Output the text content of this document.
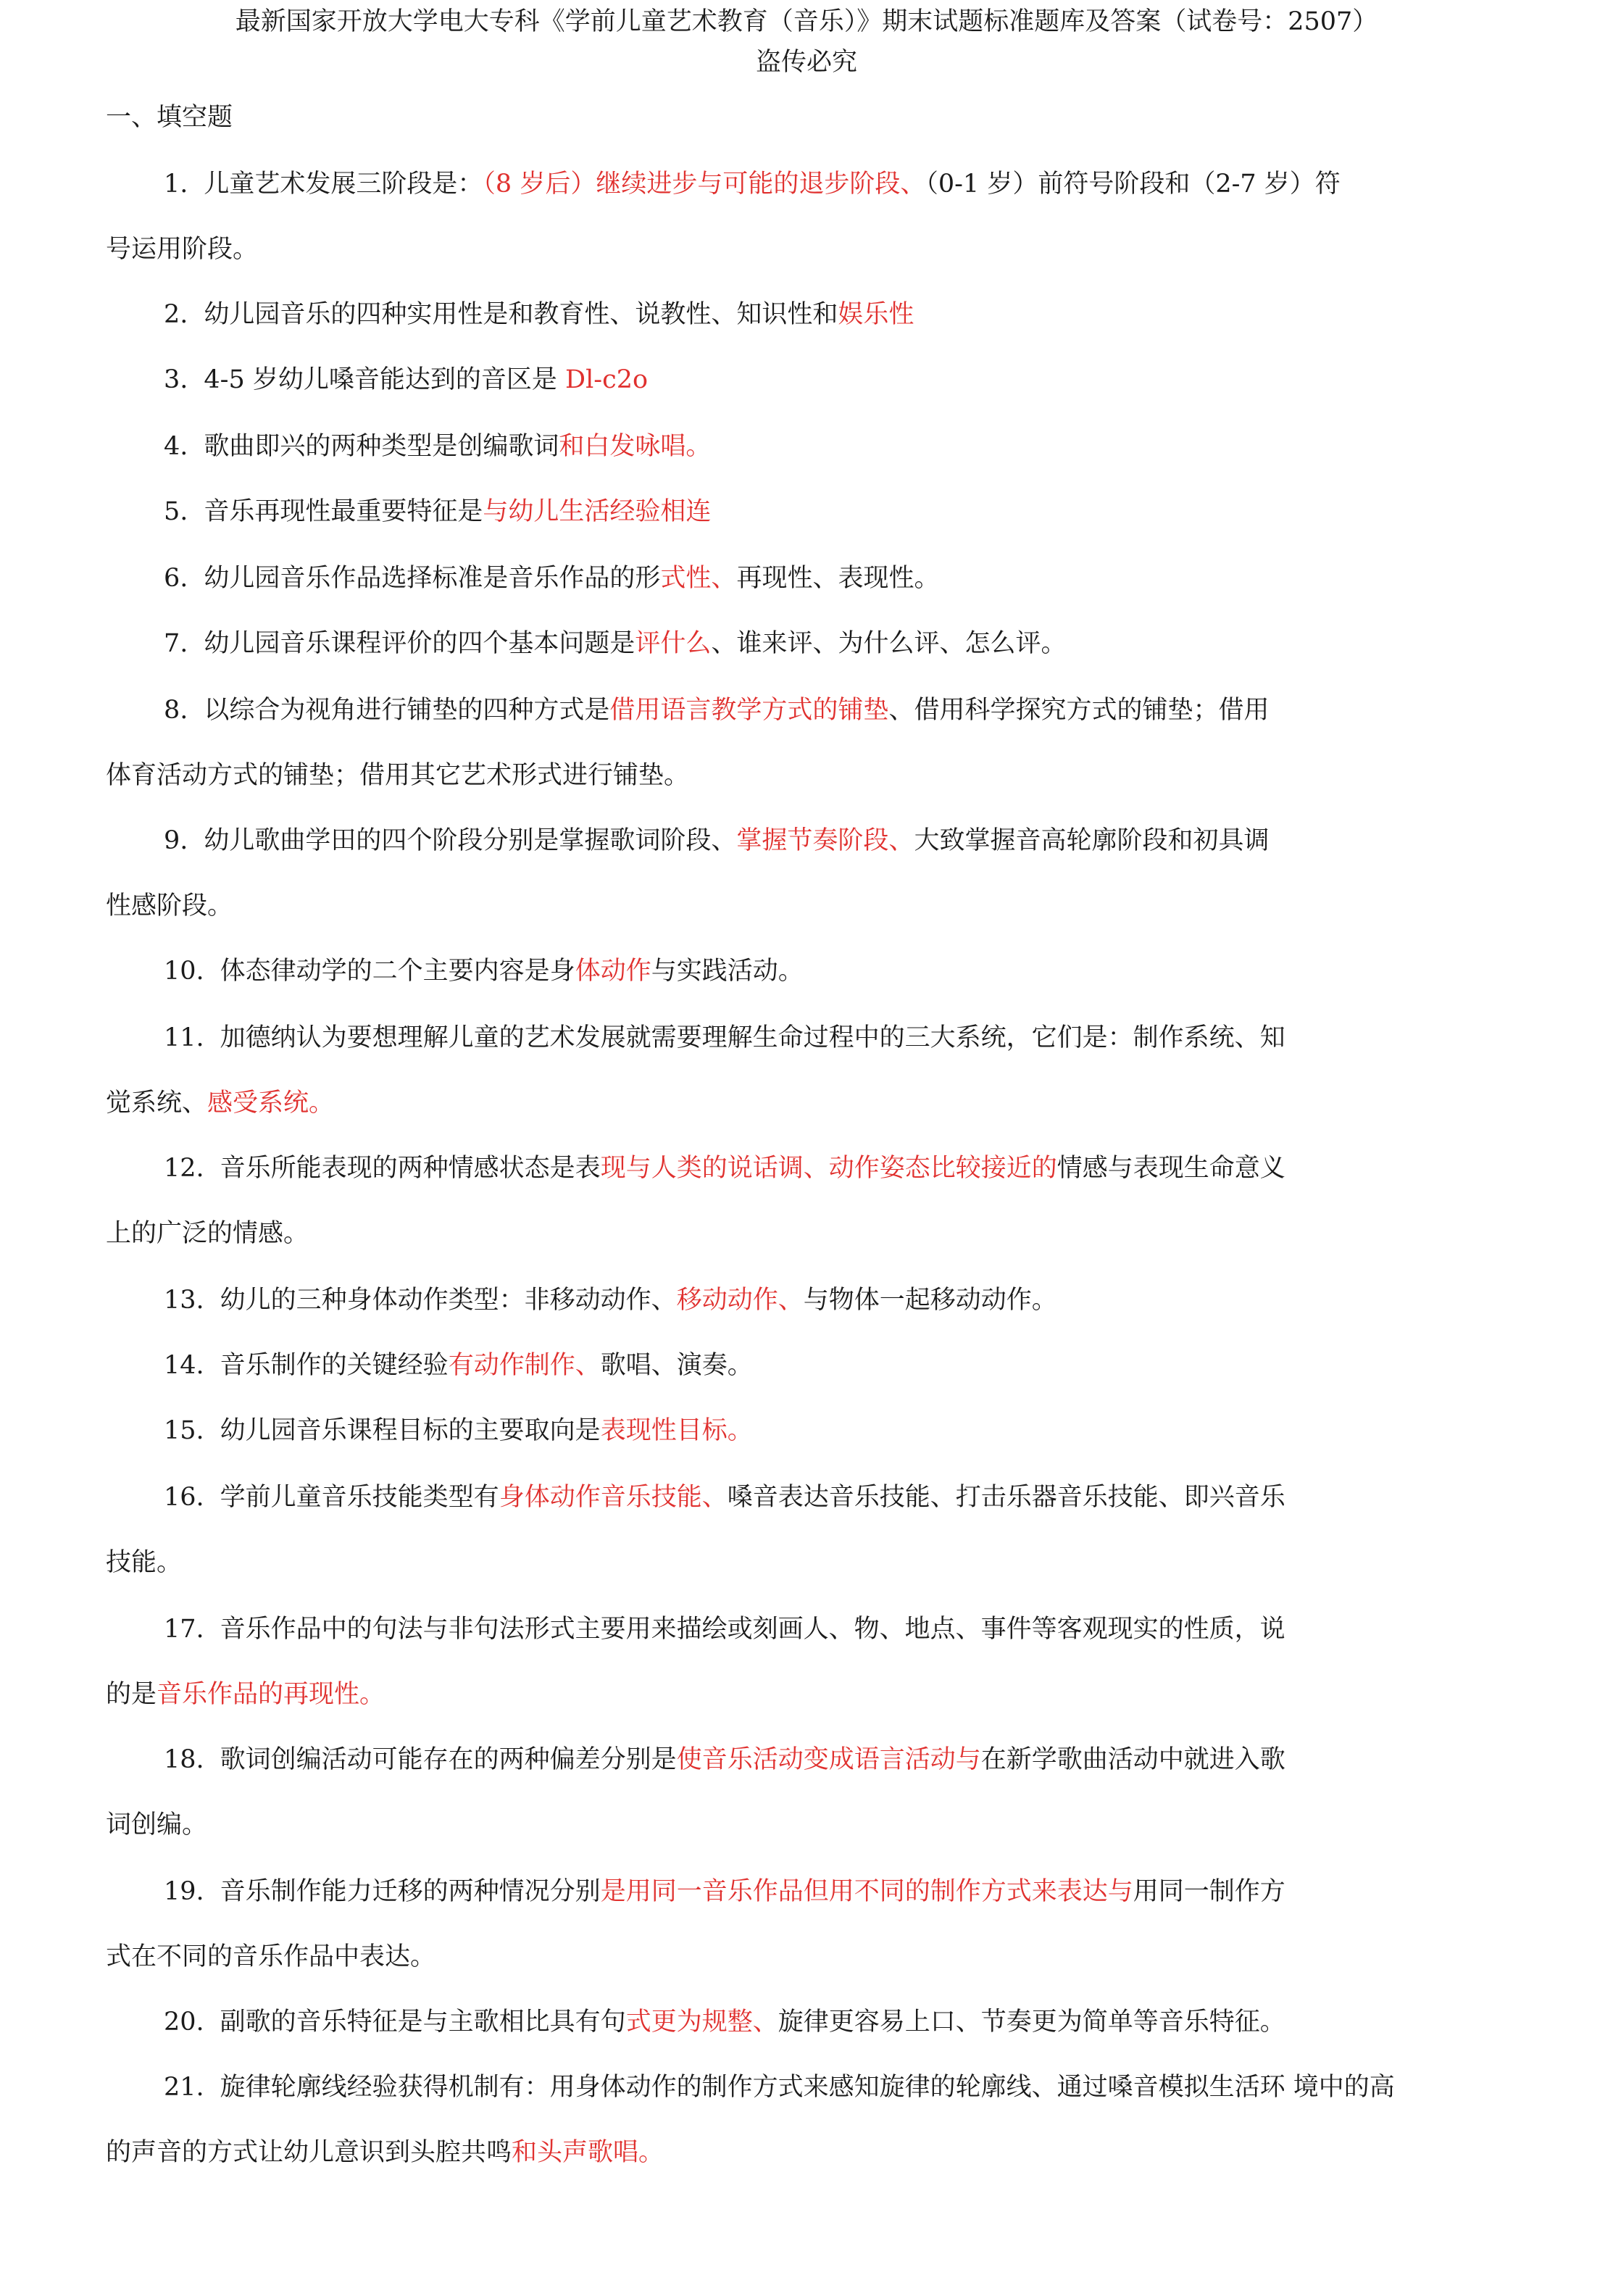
最新国家开放大学电大专科《学前儿童艺术教育（音乐）》期末试题标准题库及答案（试卷号：2507）
盗传必究
一、填空题
1. 儿童艺术发展三阶段是：（8 岁后）继续进步与可能的退步阶段、（0-1 岁）前符号阶段和（2-7 岁）符
号运用阶段。
2. 幼儿园音乐的四种实用性是和教育性、说教性、知识性和娱乐性
3. 4-5 岁幼儿嗓音能达到的音区是 Dl-c2o
4. 歌曲即兴的两种类型是创编歌词和白发咏唱。
5. 音乐再现性最重要特征是与幼儿生活经验相连
6. 幼儿园音乐作品选择标准是音乐作品的形式性、再现性、表现性。
7. 幼儿园音乐课程评价的四个基本问题是评什么、谁来评、为什么评、怎么评。
8. 以综合为视角进行铺垫的四种方式是借用语言教学方式的铺垫、借用科学探究方式的铺垫；借用
体育活动方式的铺垫；借用其它艺术形式进行铺垫。
9. 幼儿歌曲学田的四个阶段分别是掌握歌词阶段、掌握节奏阶段、大致掌握音高轮廓阶段和初具调
性感阶段。
10. 体态律动学的二个主要内容是身体动作与实践活动。
11. 加德纳认为要想理解儿童的艺术发展就需要理解生命过程中的三大系统，它们是：制作系统、知
觉系统、感受系统。
12. 音乐所能表现的两种情感状态是表现与人类的说话调、动作姿态比较接近的情感与表现生命意义
上的广泛的情感。
13. 幼儿的三种身体动作类型：非移动动作、移动动作、与物体一起移动动作。
14. 音乐制作的关键经验有动作制作、歌唱、演奏。
15. 幼儿园音乐课程目标的主要取向是表现性目标。
16. 学前儿童音乐技能类型有身体动作音乐技能、嗓音表达音乐技能、打击乐器音乐技能、即兴音乐
技能。
17. 音乐作品中的句法与非句法形式主要用来描绘或刻画人、物、地点、事件等客观现实的性质，说
的是音乐作品的再现性。
18. 歌词创编活动可能存在的两种偏差分别是使音乐活动变成语言活动与在新学歌曲活动中就进入歌
词创编。
19. 音乐制作能力迁移的两种情况分别是用同一音乐作品但用不同的制作方式来表达与用同一制作方
式在不同的音乐作品中表达。
20. 副歌的音乐特征是与主歌相比具有句式更为规整、旋律更容易上口、节奏更为简单等音乐特征。
21. 旋律轮廓线经验获得机制有：用身体动作的制作方式来感知旋律的轮廓线、通过嗓音模拟生活环 境中的高
的声音的方式让幼儿意识到头腔共鸣和头声歌唱。
